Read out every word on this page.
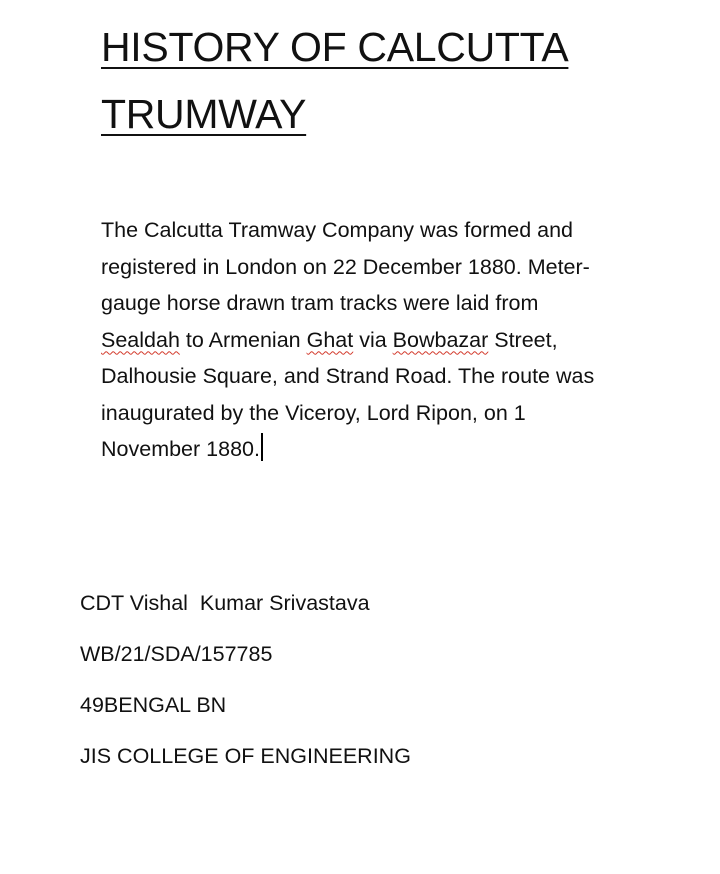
HISTORY OF CALCUTTA
TRUMWAY

The Calcutta Tramway Company was formed and
registered in London on 22 December 1880. Meter-
gauge horse drawn tram tracks were laid from
Sealdah to Armenian Ghat via Bowbazar Street,
Dalhousie Square, and Strand Road. The route was
inaugurated by the Viceroy, Lord Ripon, on 1
November 1880.

CDT Vishal  Kumar Srivastava

WB/21/SDA/157785

49BENGAL BN

JIS COLLEGE OF ENGINEERING
